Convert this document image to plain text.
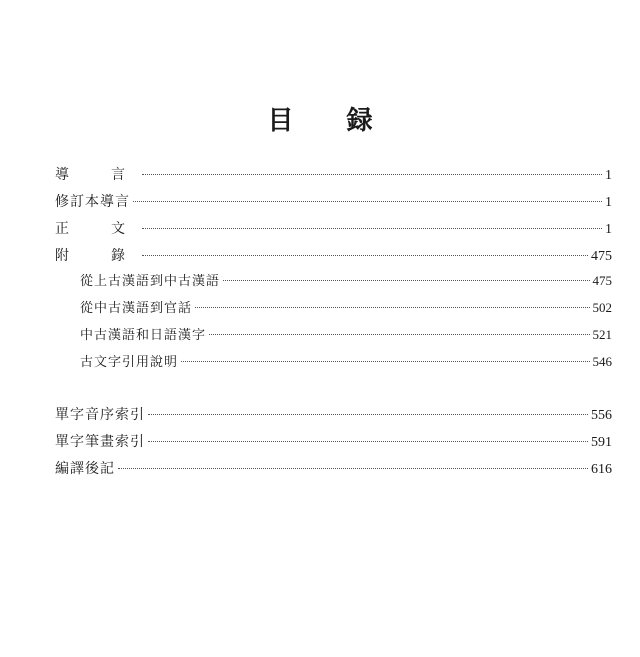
目 録
導　言	1
修訂本導言	1
正　文	1
附　錄	475
從上古漢語到中古漢語	475
從中古漢語到官話	502
中古漢語和日語漢字	521
古文字引用說明	546
單字音序索引	556
單字筆畫索引	591
編譯後記	616
